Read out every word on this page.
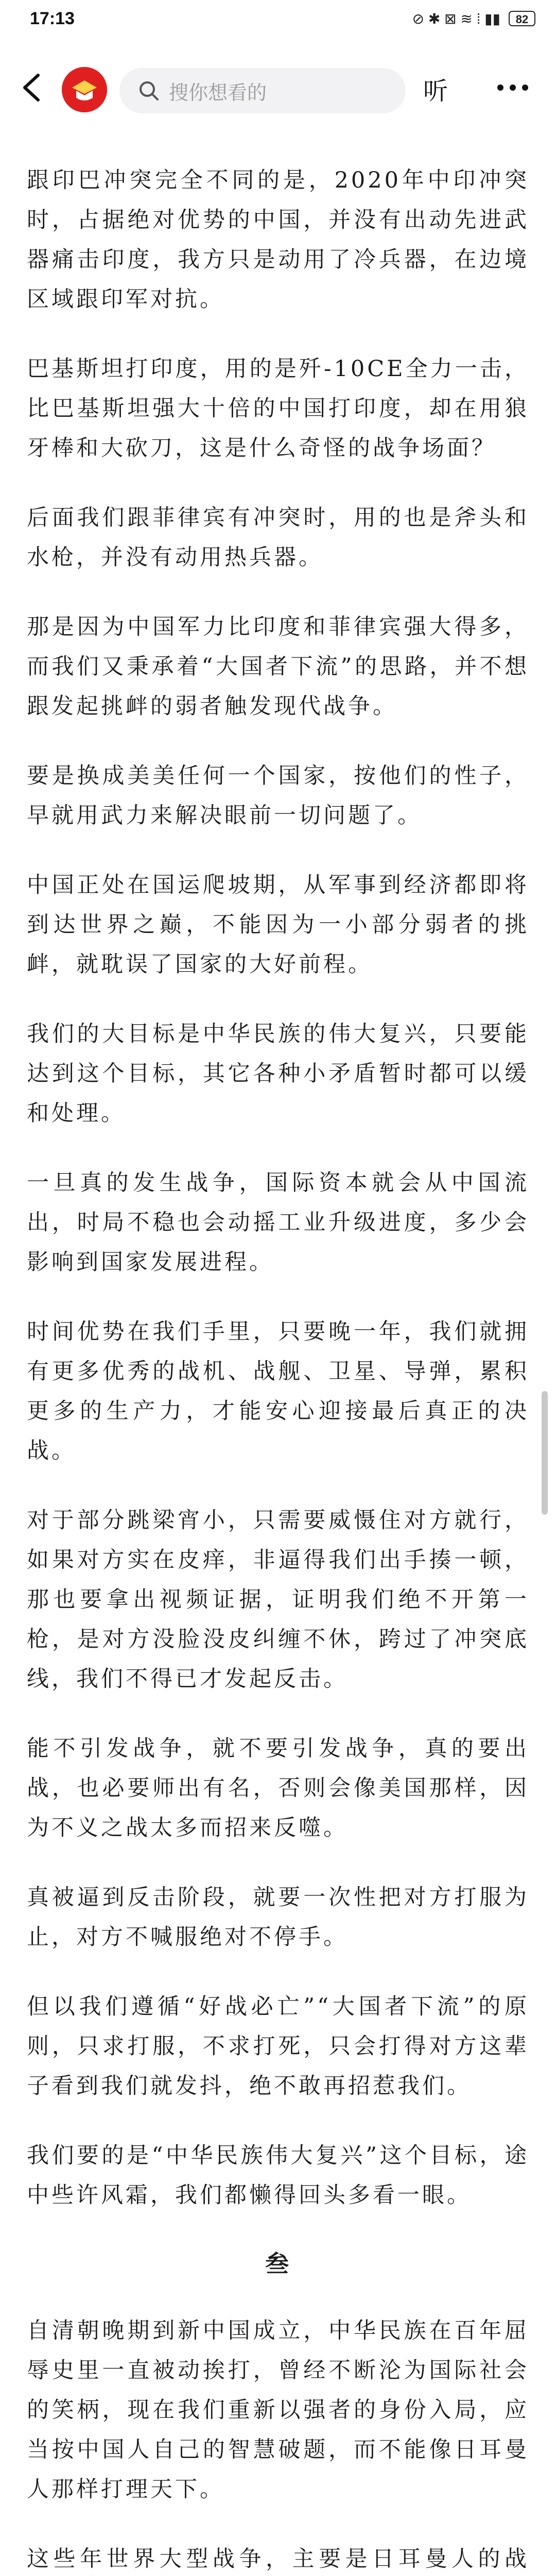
17:13	⊘ ✱ ⊠ ≋ ⁞ ▮▮	82
搜你想看的	听

跟印巴冲突完全不同的是，2020年中印冲突时，占据绝对优势的中国，并没有出动先进武器痛击印度，我方只是动用了冷兵器，在边境区域跟印军对抗。

巴基斯坦打印度，用的是歼-10CE全力一击，比巴基斯坦强大十倍的中国打印度，却在用狼牙棒和大砍刀，这是什么奇怪的战争场面？

后面我们跟菲律宾有冲突时，用的也是斧头和水枪，并没有动用热兵器。

那是因为中国军力比印度和菲律宾强大得多，而我们又秉承着“大国者下流”的思路，并不想跟发起挑衅的弱者触发现代战争。

要是换成美美任何一个国家，按他们的性子，早就用武力来解决眼前一切问题了。

中国正处在国运爬坡期，从军事到经济都即将到达世界之巅，不能因为一小部分弱者的挑衅，就耽误了国家的大好前程。

我们的大目标是中华民族的伟大复兴，只要能达到这个目标，其它各种小矛盾暂时都可以缓和处理。

一旦真的发生战争，国际资本就会从中国流出，时局不稳也会动摇工业升级进度，多少会影响到国家发展进程。

时间优势在我们手里，只要晚一年，我们就拥有更多优秀的战机、战舰、卫星、导弹，累积更多的生产力，才能安心迎接最后真正的决战。

对于部分跳梁宵小，只需要威慑住对方就行，如果对方实在皮痒，非逼得我们出手揍一顿，那也要拿出视频证据，证明我们绝不开第一枪，是对方没脸没皮纠缠不休，跨过了冲突底线，我们不得已才发起反击。

能不引发战争，就不要引发战争，真的要出战，也必要师出有名，否则会像美国那样，因为不义之战太多而招来反噬。

真被逼到反击阶段，就要一次性把对方打服为止，对方不喊服绝对不停手。

但以我们遵循“好战必亡”“大国者下流”的原则，只求打服，不求打死，只会打得对方这辈子看到我们就发抖，绝不敢再招惹我们。

我们要的是“中华民族伟大复兴”这个目标，途中些许风霜，我们都懒得回头多看一眼。

叁

自清朝晚期到新中国成立，中华民族在百年屈辱史里一直被动挨打，曾经不断沦为国际社会的笑柄，现在我们重新以强者的身份入局，应当按中国人自己的智慧破题，而不能像日耳曼人那样打理天下。

这些年世界大型战争，主要是日耳曼人的战
